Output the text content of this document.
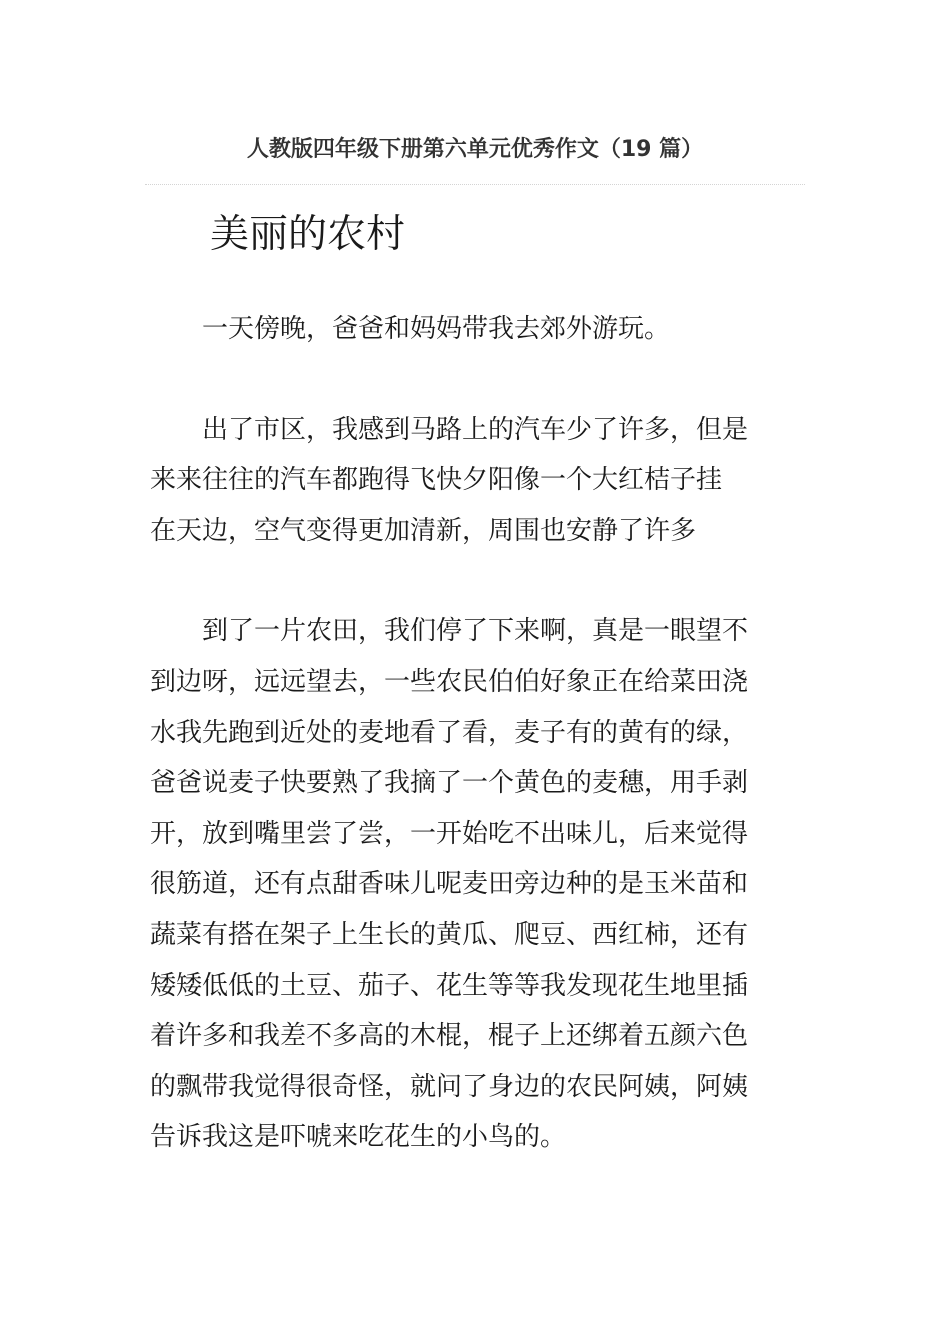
人教版四年级下册第六单元优秀作文（19 篇）
美丽的农村

一天傍晚，爸爸和妈妈带我去郊外游玩。

出了市区，我感到马路上的汽车少了许多，但是
来来往往的汽车都跑得飞快夕阳像一个大红桔子挂
在天边，空气变得更加清新，周围也安静了许多

到了一片农田，我们停了下来啊，真是一眼望不
到边呀，远远望去，一些农民伯伯好象正在给菜田浇
水我先跑到近处的麦地看了看，麦子有的黄有的绿，
爸爸说麦子快要熟了我摘了一个黄色的麦穗，用手剥
开，放到嘴里尝了尝，一开始吃不出味儿，后来觉得
很筋道，还有点甜香味儿呢麦田旁边种的是玉米苗和
蔬菜有搭在架子上生长的黄瓜、爬豆、西红柿，还有
矮矮低低的土豆、茄子、花生等等我发现花生地里插
着许多和我差不多高的木棍，棍子上还绑着五颜六色
的飘带我觉得很奇怪，就问了身边的农民阿姨，阿姨
告诉我这是吓唬来吃花生的小鸟的。
